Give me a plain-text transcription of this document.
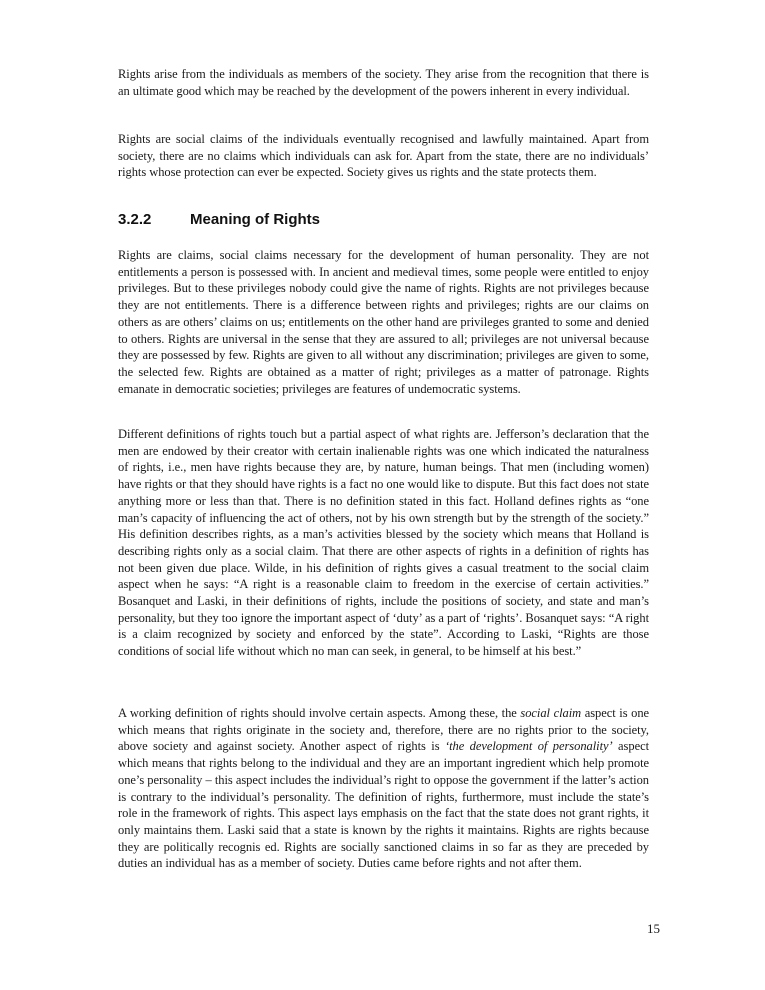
Rights arise from the individuals as members of the society. They arise from the recognition that there is an ultimate good which may be reached by the development of the powers inherent in every individual.

Rights are social claims of the individuals eventually recognised and lawfully maintained. Apart from society, there are no claims which individuals can ask for. Apart from the state, there are no individuals’ rights whose protection can ever be expected. Society gives us rights and the state protects them.

3.2.2	Meaning of Rights

Rights are claims, social claims necessary for the development of human personality. They are not entitlements a person is possessed with. In ancient and medieval times, some people were entitled to enjoy privileges. But to these privileges nobody could give the name of rights. Rights are not privileges because they are not entitlements. There is a difference between rights and privileges; rights are our claims on others as are others’ claims on us; entitlements on the other hand are privileges granted to some and denied to others. Rights are universal in the sense that they are assured to all; privileges are not universal because they are possessed by few. Rights are given to all without any discrimination; privileges are given to some, the selected few. Rights are obtained as a matter of right; privileges as a matter of patronage. Rights emanate in democratic societies; privileges are features of undemocratic systems.

Different definitions of rights touch but a partial aspect of what rights are. Jefferson’s declaration that the men are endowed by their creator with certain inalienable rights was one which indicated the naturalness of rights, i.e., men have rights because they are, by nature, human beings. That men (including women) have rights or that they should have rights is a fact no one would like to dispute. But this fact does not state anything more or less than that. There is no definition stated in this fact. Holland defines rights as “one man’s capacity of influencing the act of others, not by his own strength but by the strength of the society.” His definition describes rights, as a man’s activities blessed by the society which means that Holland is describing rights only as a social claim. That there are other aspects of rights in a definition of rights has not been given due place. Wilde, in his definition of rights gives a casual treatment to the social claim aspect when he says: “A right is a reasonable claim to freedom in the exercise of certain activities.” Bosanquet and Laski, in their definitions of rights, include the positions of society, and state and man’s personality, but they too ignore the important aspect of ‘duty’ as a part of ‘rights’. Bosanquet says: “A right is a claim recognized by society and enforced by the state”. According to Laski, “Rights are those conditions of social life without which no man can seek, in general, to be himself at his best.”

A working definition of rights should involve certain aspects. Among these, the social claim aspect is one which means that rights originate in the society and, therefore, there are no rights prior to the society, above society and against society. Another aspect of rights is ‘the development of personality’ aspect which means that rights belong to the individual and they are an important ingredient which help promote one’s personality – this aspect includes the individual’s right to oppose the government if the latter’s action is contrary to the individual’s personality. The definition of rights, furthermore, must include the state’s role in the framework of rights. This aspect lays emphasis on the fact that the state does not grant rights, it only maintains them. Laski said that a state is known by the rights it maintains. Rights are rights because they are politically recognis ed. Rights are socially sanctioned claims in so far as they are preceded by duties an individual has as a member of society. Duties came before rights and not after them.

15
